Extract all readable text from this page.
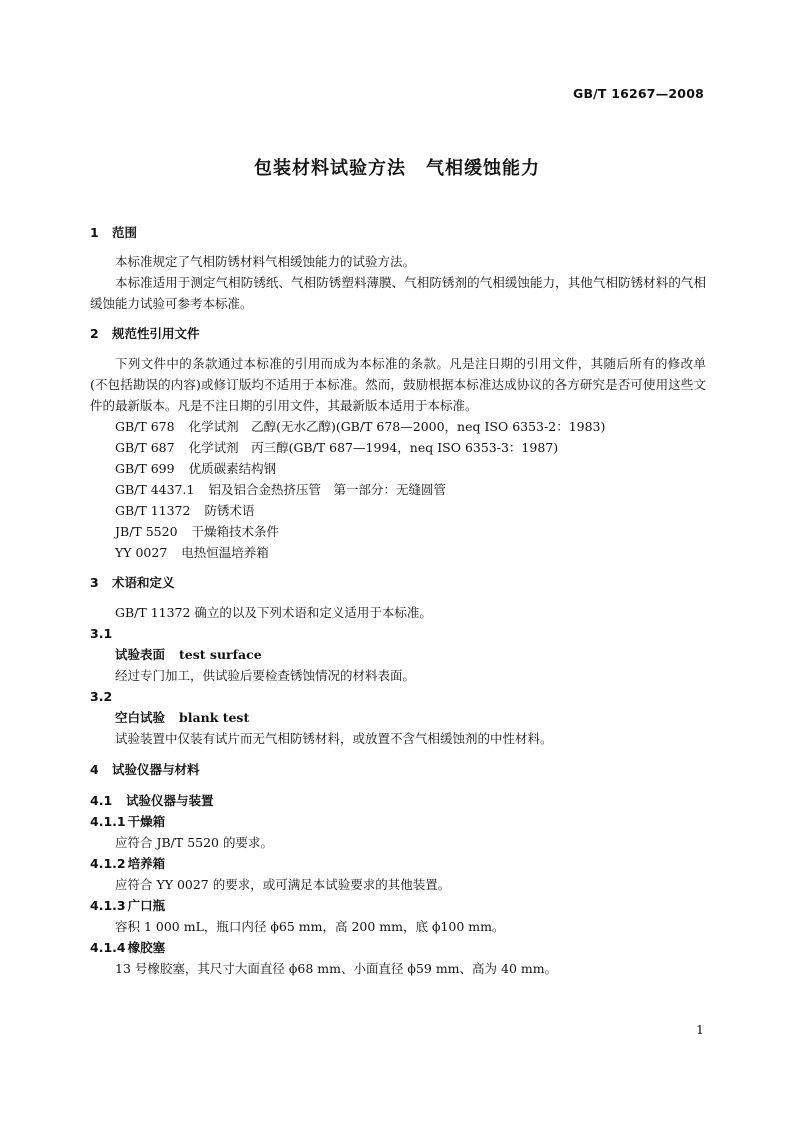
GB/T 16267—2008
包装材料试验方法 气相缓蚀能力
1 范围
本标准规定了气相防锈材料气相缓蚀能力的试验方法。
本标准适用于测定气相防锈纸、气相防锈塑料薄膜、气相防锈剂的气相缓蚀能力，其他气相防锈材料的气相缓蚀能力试验可参考本标准。
2 规范性引用文件
下列文件中的条款通过本标准的引用而成为本标准的条款。凡是注日期的引用文件，其随后所有的修改单(不包括勘误的内容)或修订版均不适用于本标准。然而，鼓励根据本标准达成协议的各方研究是否可使用这些文件的最新版本。凡是不注日期的引用文件，其最新版本适用于本标准。
GB/T 678 化学试剂　乙醇(无水乙醇)(GB/T 678—2000，neq ISO 6353-2：1983)
GB/T 687 化学试剂　丙三醇(GB/T 687—1994，neq ISO 6353-3：1987)
GB/T 699 优质碳素结构钢
GB/T 4437.1 铝及铝合金热挤压管　第一部分：无缝圆管
GB/T 11372 防锈术语
JB/T 5520 干燥箱技术条件
YY 0027 电热恒温培养箱
3 术语和定义
GB/T 11372 确立的以及下列术语和定义适用于本标准。
3.1
试验表面 test surface
经过专门加工，供试验后要检查锈蚀情况的材料表面。
3.2
空白试验 blank test
试验装置中仅装有试片而无气相防锈材料，或放置不含气相缓蚀剂的中性材料。
4 试验仪器与材料
4.1 试验仪器与装置
4.1.1 干燥箱
应符合 JB/T 5520 的要求。
4.1.2 培养箱
应符合 YY 0027 的要求，或可满足本试验要求的其他装置。
4.1.3 广口瓶
容积 1 000 mL，瓶口内径 ϕ65 mm，高 200 mm，底 ϕ100 mm。
4.1.4 橡胶塞
13 号橡胶塞，其尺寸大面直径 ϕ68 mm、小面直径 ϕ59 mm、高为 40 mm。
1
